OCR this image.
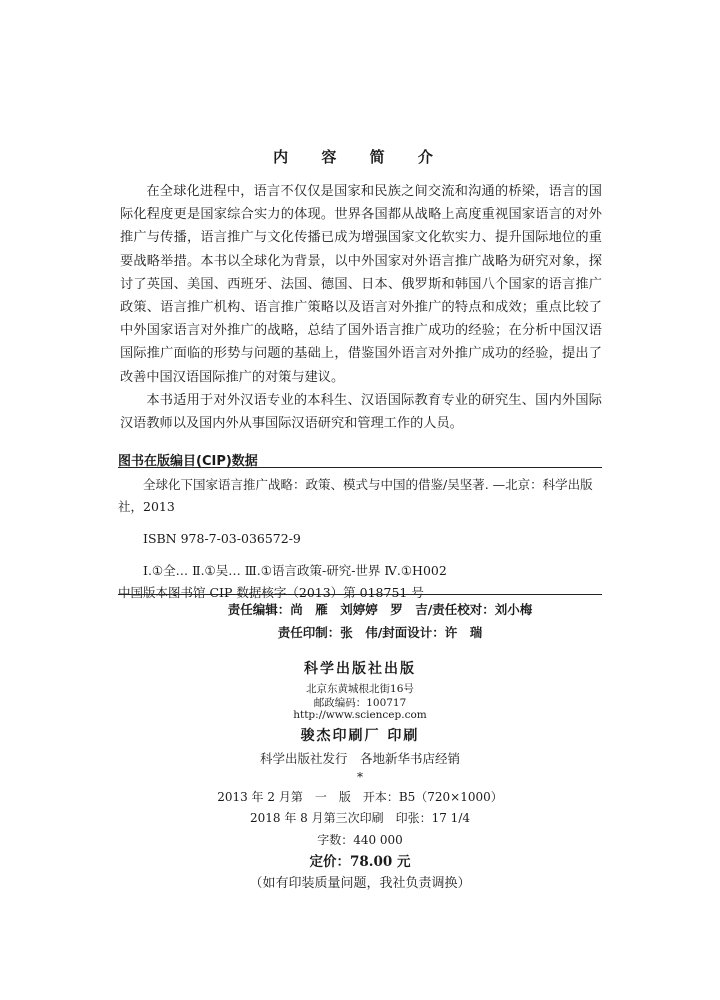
内 容 简 介

在全球化进程中，语言不仅仅是国家和民族之间交流和沟通的桥梁，语言的国际化程度更是国家综合实力的体现。世界各国都从战略上高度重视国家语言的对外推广与传播，语言推广与文化传播已成为增强国家文化软实力、提升国际地位的重要战略举措。本书以全球化为背景，以中外国家对外语言推广战略为研究对象，探讨了英国、美国、西班牙、法国、德国、日本、俄罗斯和韩国八个国家的语言推广政策、语言推广机构、语言推广策略以及语言对外推广的特点和成效；重点比较了中外国家语言对外推广的战略，总结了国外语言推广成功的经验；在分析中国汉语国际推广面临的形势与问题的基础上，借鉴国外语言对外推广成功的经验，提出了改善中国汉语国际推广的对策与建议。

本书适用于对外汉语专业的本科生、汉语国际教育专业的研究生、国内外国际汉语教师以及国内外从事国际汉语研究和管理工作的人员。

图书在版编目(CIP)数据

全球化下国家语言推广战略：政策、模式与中国的借鉴/吴坚著. —北京：科学出版社，2013

ISBN 978-7-03-036572-9

Ⅰ.①全… Ⅱ.①吴… Ⅲ.①语言政策-研究-世界 Ⅳ.①H002

中国版本图书馆 CIP 数据核字（2013）第 018751 号

责任编辑：尚　雁　刘婷婷　罗　吉/责任校对：刘小梅
责任印制：张　伟/封面设计：许　瑞
科学出版社出版
北京东黄城根北街16号
邮政编码：100717
http://www.sciencep.com
骏杰印刷厂 印刷
科学出版社发行　各地新华书店经销
*
2013 年 2 月第　一　版　开本：B5（720×1000）
2018 年 8 月第三次印刷　印张：17 1/4
字数：440 000
定价：78.00 元
（如有印装质量问题，我社负责调换）
